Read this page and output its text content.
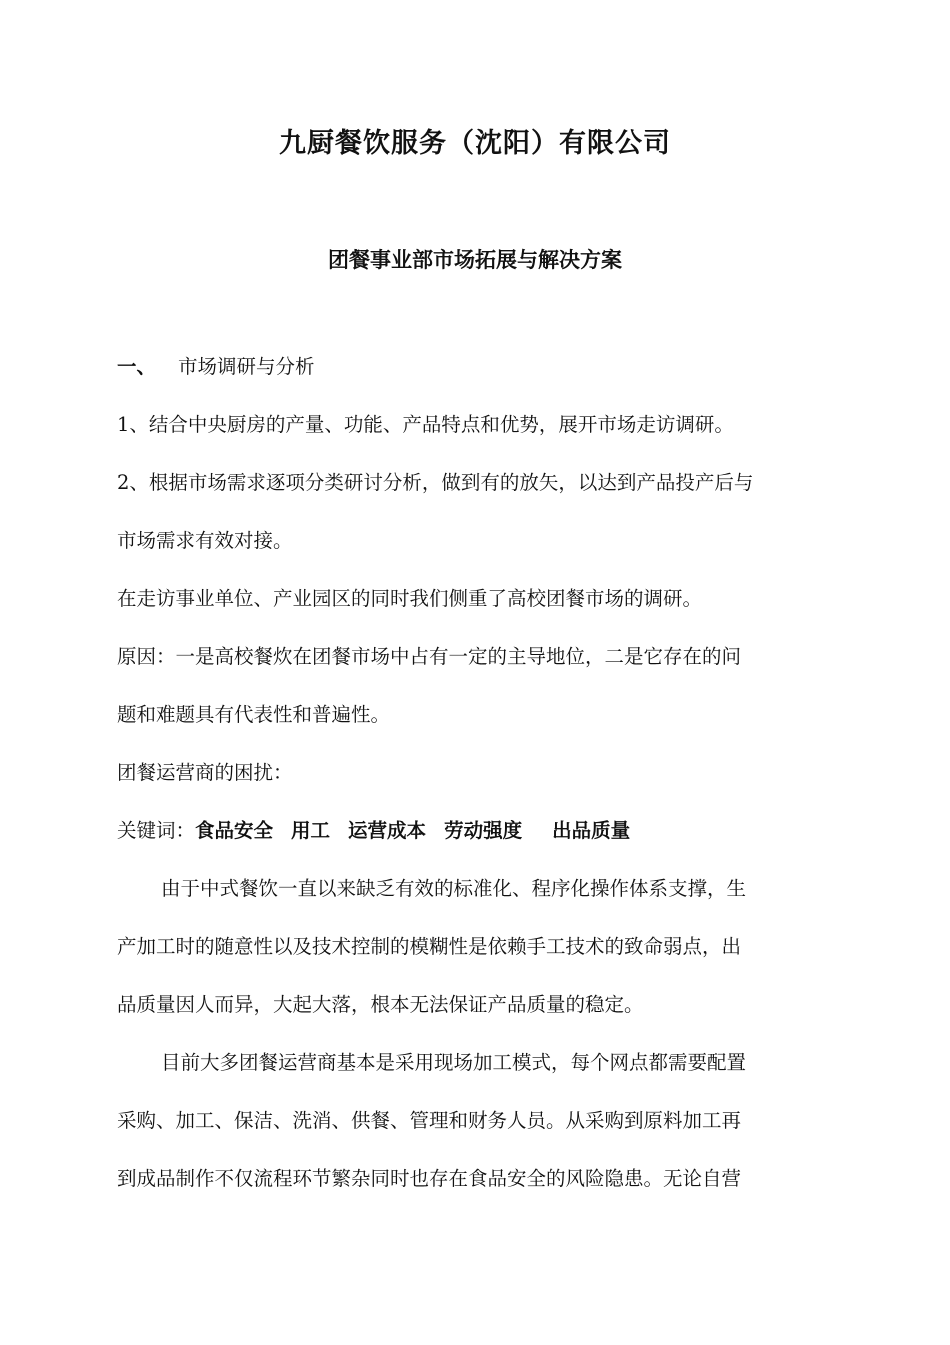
九厨餐饮服务（沈阳）有限公司
团餐事业部市场拓展与解决方案
一、 市场调研与分析
1、结合中央厨房的产量、功能、产品特点和优势，展开市场走访调研。
2、根据市场需求逐项分类研讨分析，做到有的放矢，以达到产品投产后与
市场需求有效对接。
在走访事业单位、产业园区的同时我们侧重了高校团餐市场的调研。
原因：一是高校餐炊在团餐市场中占有一定的主导地位，二是它存在的问
题和难题具有代表性和普遍性。
团餐运营商的困扰：
关键词：食品安全 用工 运营成本 劳动强度 出品质量
由于中式餐饮一直以来缺乏有效的标准化、程序化操作体系支撑，生
产加工时的随意性以及技术控制的模糊性是依赖手工技术的致命弱点，出
品质量因人而异，大起大落，根本无法保证产品质量的稳定。
目前大多团餐运营商基本是采用现场加工模式，每个网点都需要配置
采购、加工、保洁、洗消、供餐、管理和财务人员。从采购到原料加工再
到成品制作不仅流程环节繁杂同时也存在食品安全的风险隐患。无论自营
